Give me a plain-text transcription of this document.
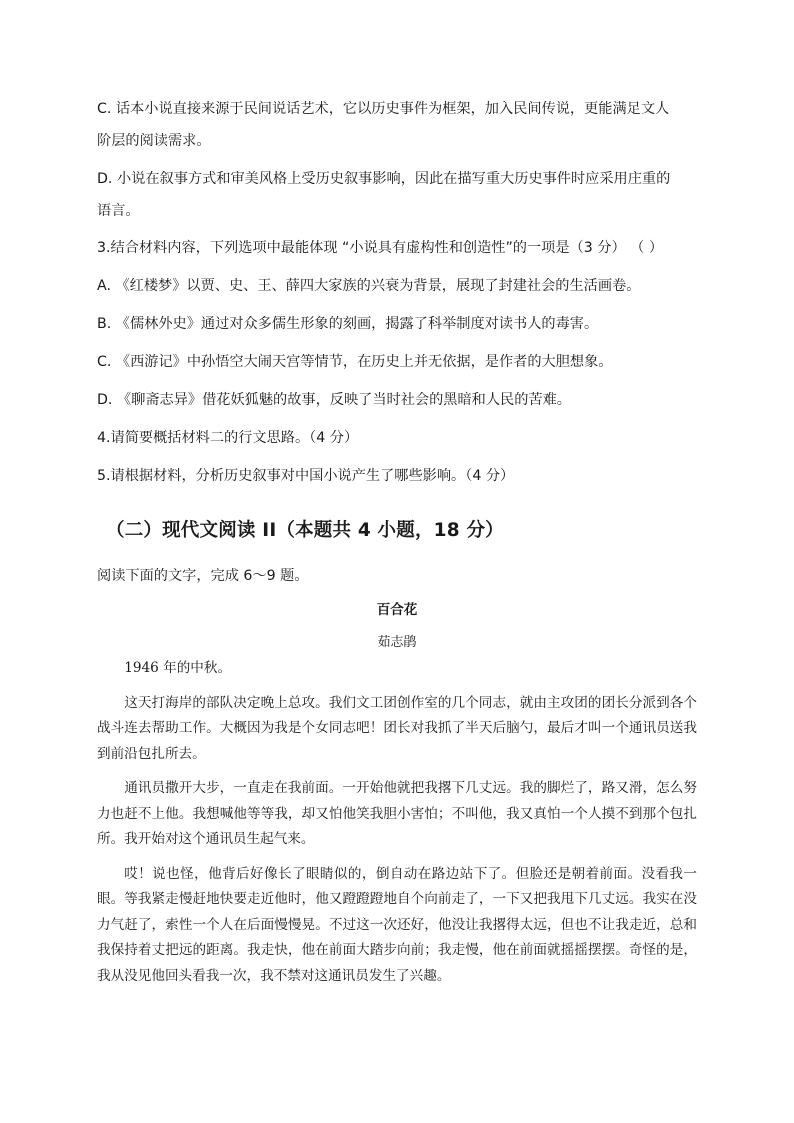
C. 话本小说直接来源于民间说话艺术，它以历史事件为框架，加入民间传说，更能满足文人
阶层的阅读需求。
D. 小说在叙事方式和审美风格上受历史叙事影响，因此在描写重大历史事件时应采用庄重的
语言。
3.结合材料内容，下列选项中最能体现 “小说具有虚构性和创造性”的一项是（3 分） （ ）
A. 《红楼梦》以贾、史、王、薛四大家族的兴衰为背景，展现了封建社会的生活画卷。
B. 《儒林外史》通过对众多儒生形象的刻画，揭露了科举制度对读书人的毒害。
C. 《西游记》中孙悟空大闹天宫等情节，在历史上并无依据，是作者的大胆想象。
D. 《聊斋志异》借花妖狐魅的故事，反映了当时社会的黑暗和人民的苦难。
4.请简要概括材料二的行文思路。（4 分）
5.请根据材料，分析历史叙事对中国小说产生了哪些影响。（4 分）
（二）现代文阅读 II（本题共 4 小题，18 分）
阅读下面的文字，完成 6～9 题。
百合花
茹志鹃

1946 年的中秋。

这天打海岸的部队决定晚上总攻。我们文工团创作室的几个同志，就由主攻团的团长分派到各个战斗连去帮助工作。大概因为我是个女同志吧！团长对我抓了半天后脑勺，最后才叫一个通讯员送我到前沿包扎所去。

通讯员撒开大步，一直走在我前面。一开始他就把我撂下几丈远。我的脚烂了，路又滑，怎么努力也赶不上他。我想喊他等等我，却又怕他笑我胆小害怕；不叫他，我又真怕一个人摸不到那个包扎所。我开始对这个通讯员生起气来。

哎！说也怪，他背后好像长了眼睛似的，倒自动在路边站下了。但脸还是朝着前面。没看我一眼。等我紧走慢赶地快要走近他时，他又蹬蹬蹬地自个向前走了，一下又把我甩下几丈远。我实在没力气赶了，索性一个人在后面慢慢晃。不过这一次还好，他没让我撂得太远，但也不让我走近，总和我保持着丈把远的距离。我走快，他在前面大踏步向前；我走慢，他在前面就摇摇摆摆。奇怪的是，我从没见他回头看我一次，我不禁对这通讯员发生了兴趣。
